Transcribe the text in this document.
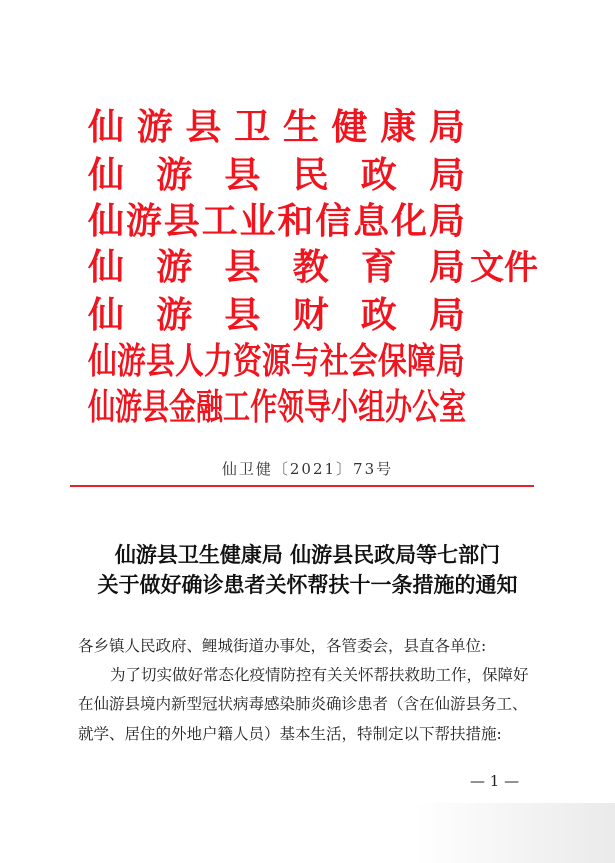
仙 游 县 卫 生 健 康 局
仙 游 县 民 政 局
仙 游 县 工 业 和 信 息 化 局
仙 游 县 教 育 局
仙 游 县 财 政 局
仙 游 县 人 力 资 源 与 社 会 保 障 局
仙 游 县 金 融 工 作 领 导 小 组 办 公 室
文件
仙卫健〔2021〕73号
仙游县卫生健康局 仙游县民政局等七部门
关于做好确诊患者关怀帮扶十一条措施的通知
各乡镇人民政府、鲤城街道办事处，各管委会，县直各单位:
为了切实做好常态化疫情防控有关关怀帮扶救助工作，保障好
在仙游县境内新型冠状病毒感染肺炎确诊患者（含在仙游县务工、
就学、居住的外地户籍人员）基本生活，特制定以下帮扶措施:
— 1 —
